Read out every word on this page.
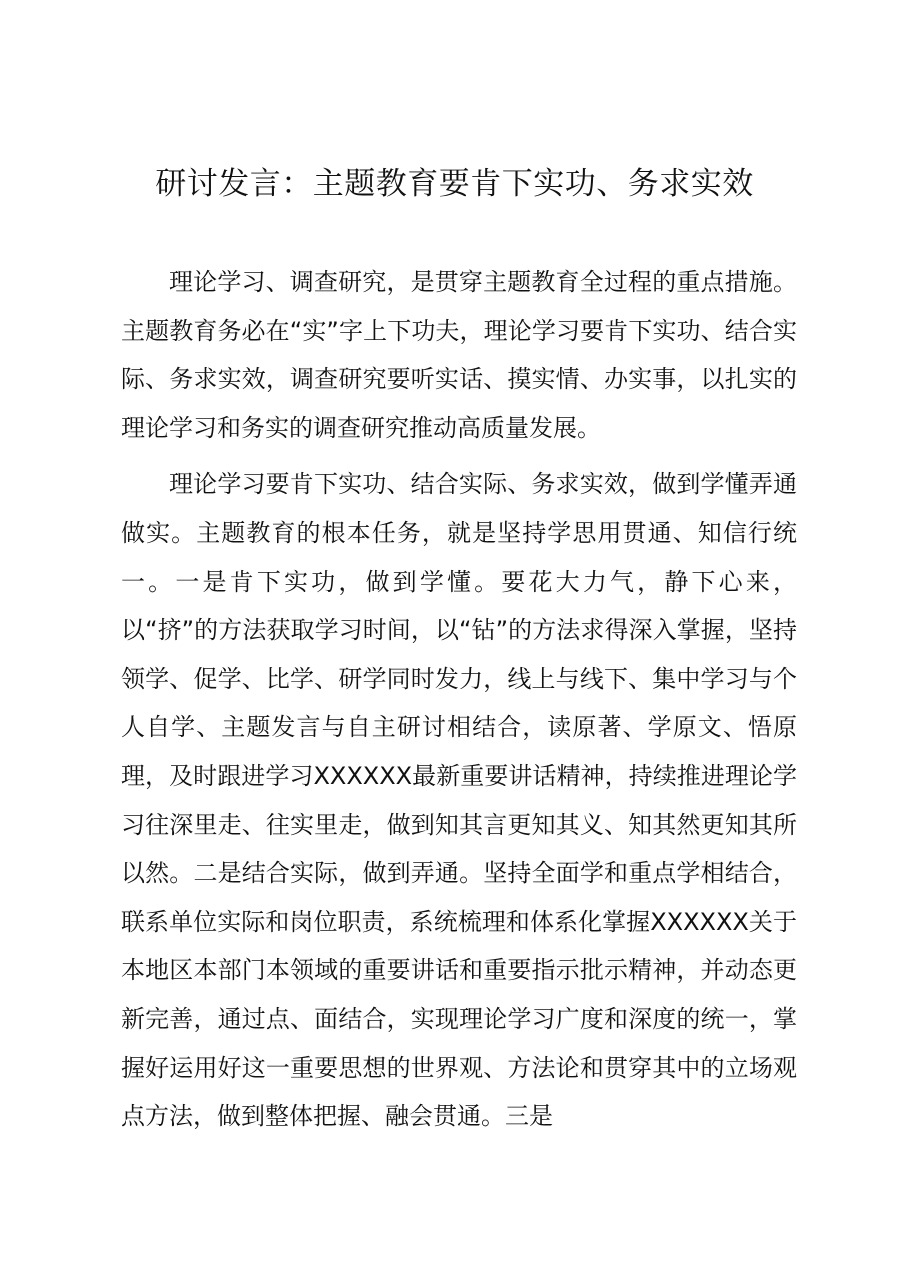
研讨发言：主题教育要肯下实功、务求实效

理论学习、调查研究，是贯穿主题教育全过程的重点措施。主题教育务必在“实”字上下功夫，理论学习要肯下实功、结合实际、务求实效，调查研究要听实话、摸实情、办实事，以扎实的理论学习和务实的调查研究推动高质量发展。

理论学习要肯下实功、结合实际、务求实效，做到学懂弄通做实。主题教育的根本任务，就是坚持学思用贯通、知信行统一。一是肯下实功，做到学懂。要花大力气，静下心来，以“挤”的方法获取学习时间，以“钻”的方法求得深入掌握，坚持领学、促学、比学、研学同时发力，线上与线下、集中学习与个人自学、主题发言与自主研讨相结合，读原著、学原文、悟原理，及时跟进学习XXXXXX最新重要讲话精神，持续推进理论学习往深里走、往实里走，做到知其言更知其义、知其然更知其所以然。二是结合实际，做到弄通。坚持全面学和重点学相结合，联系单位实际和岗位职责，系统梳理和体系化掌握XXXXXX关于本地区本部门本领域的重要讲话和重要指示批示精神，并动态更新完善，通过点、面结合，实现理论学习广度和深度的统一，掌握好运用好这一重要思想的世界观、方法论和贯穿其中的立场观点方法，做到整体把握、融会贯通。三是
